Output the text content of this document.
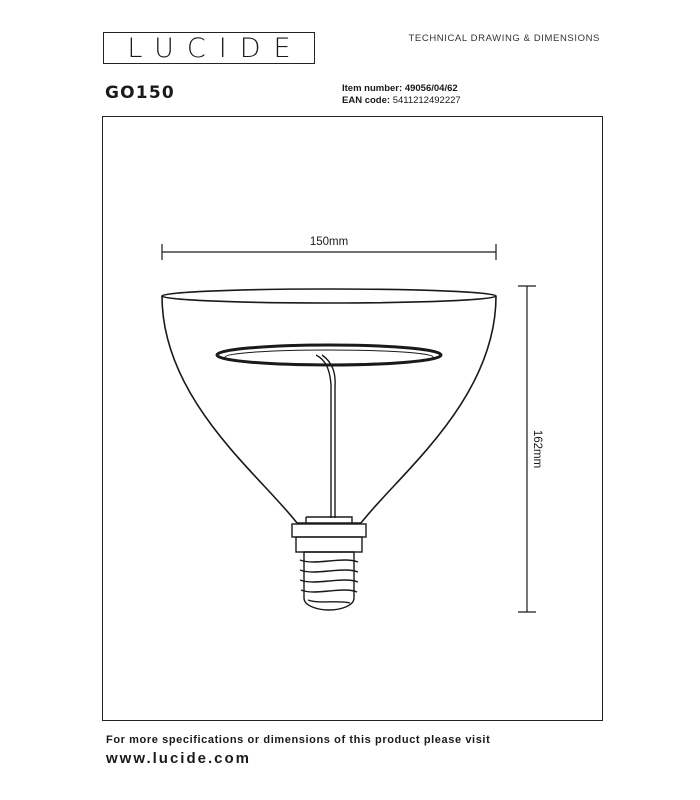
LUCIDE	TECHNICAL DRAWING & DIMENSIONS
GO150	Item number: 49056/04/62
EAN code: 5411212492227
150mm
162mm
For more specifications or dimensions of this product please visit
www.lucide.com
